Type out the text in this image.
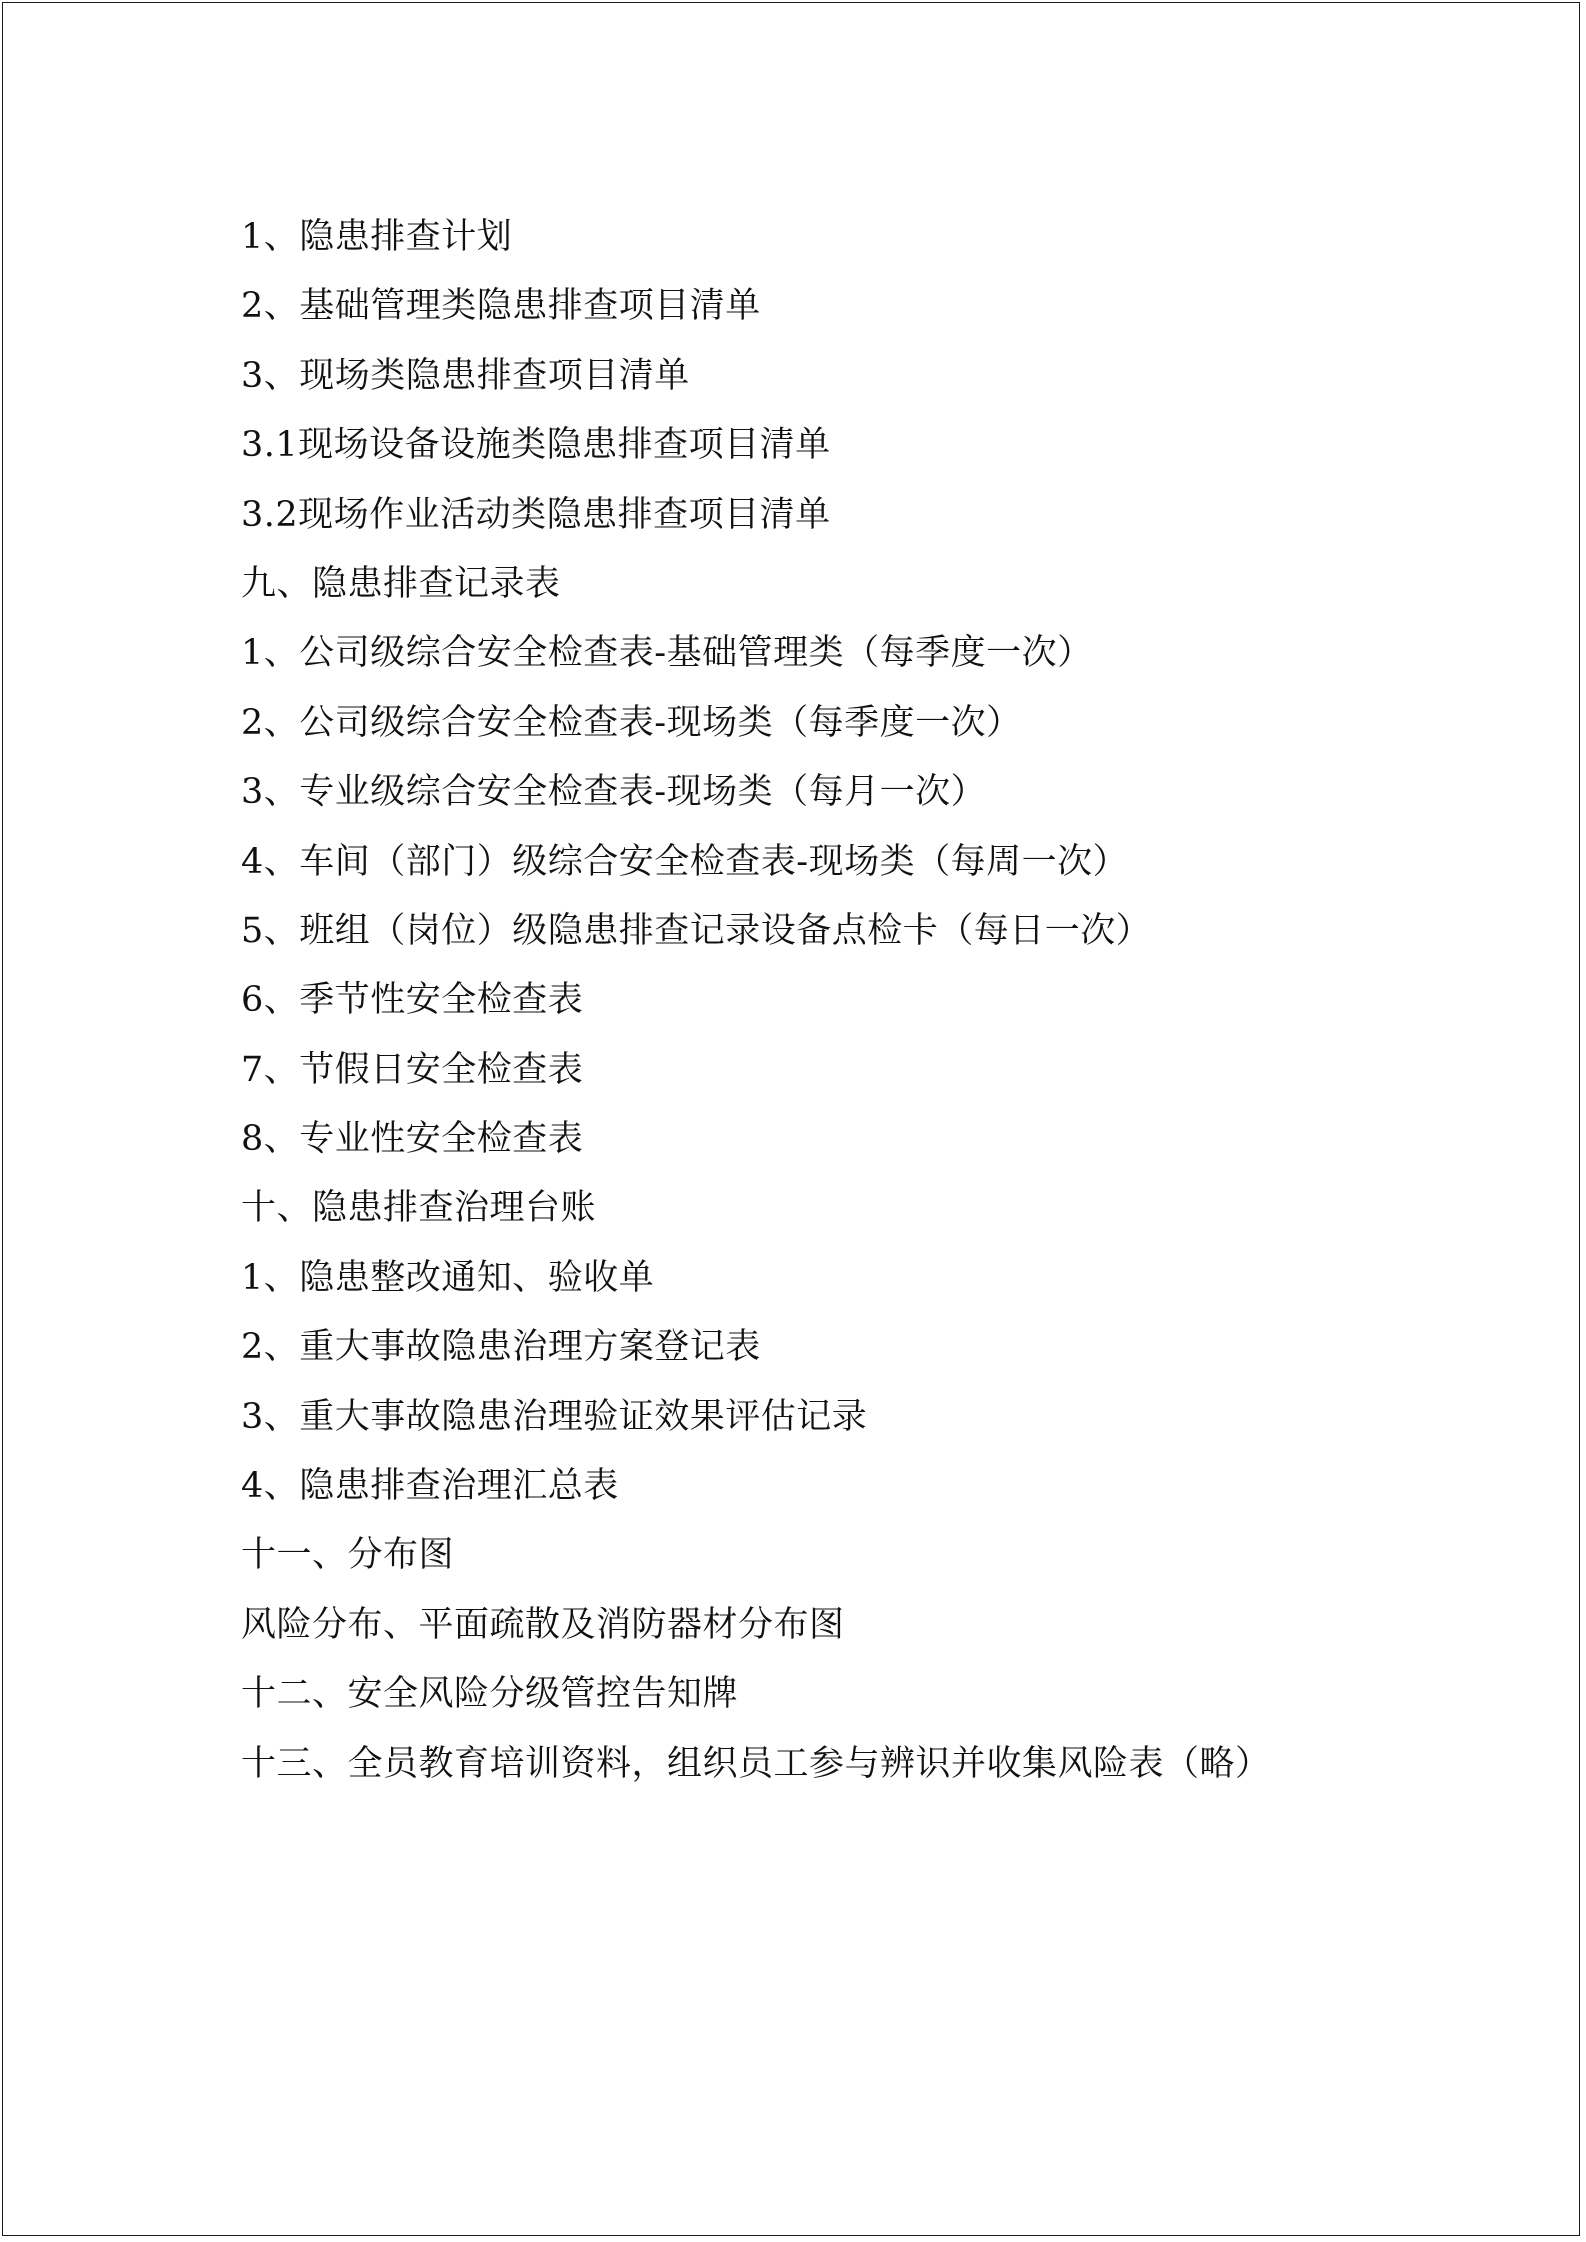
1、隐患排查计划
2、基础管理类隐患排查项目清单
3、现场类隐患排查项目清单
3.1现场设备设施类隐患排查项目清单
3.2现场作业活动类隐患排查项目清单
九、隐患排查记录表
1、公司级综合安全检查表-基础管理类（每季度一次）
2、公司级综合安全检查表-现场类（每季度一次）
3、专业级综合安全检查表-现场类（每月一次）
4、车间（部门）级综合安全检查表-现场类（每周一次）
5、班组（岗位）级隐患排查记录设备点检卡（每日一次）
6、季节性安全检查表
7、节假日安全检查表
8、专业性安全检查表
十、隐患排查治理台账
1、隐患整改通知、验收单
2、重大事故隐患治理方案登记表
3、重大事故隐患治理验证效果评估记录
4、隐患排查治理汇总表
十一、分布图
风险分布、平面疏散及消防器材分布图
十二、安全风险分级管控告知牌
十三、全员教育培训资料，组织员工参与辨识并收集风险表（略）
